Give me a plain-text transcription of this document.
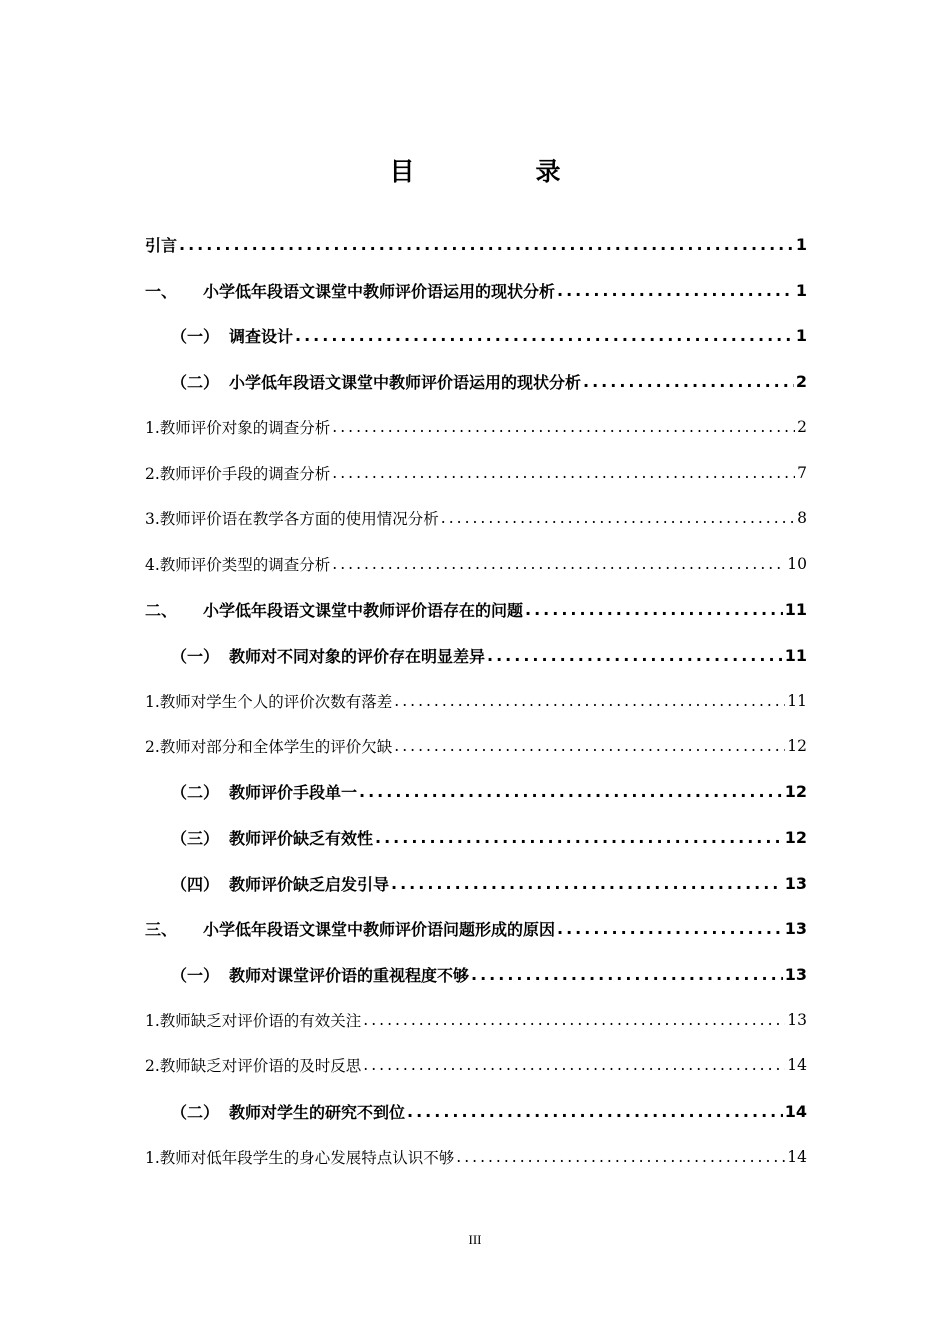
目　录
引言 .....	1
一、 小学低年段语文课堂中教师评价语运用的现状分析 .....	1
（一） 调查设计 .....	1
（二） 小学低年段语文课堂中教师评价语运用的现状分析 .....	2
1.教师评价对象的调查分析 .....	2
2.教师评价手段的调查分析 .....	7
3.教师评价语在教学各方面的使用情况分析 .....	8
4.教师评价类型的调查分析 .....	10
二、 小学低年段语文课堂中教师评价语存在的问题 .....	11
（一） 教师对不同对象的评价存在明显差异 .....	11
1.教师对学生个人的评价次数有落差 .....	11
2.教师对部分和全体学生的评价欠缺 .....	12
（二） 教师评价手段单一 .....	12
（三） 教师评价缺乏有效性 .....	12
（四） 教师评价缺乏启发引导 .....	13
三、 小学低年段语文课堂中教师评价语问题形成的原因 .....	13
（一） 教师对课堂评价语的重视程度不够 .....	13
1.教师缺乏对评价语的有效关注 .....	13
2.教师缺乏对评价语的及时反思 .....	14
（二） 教师对学生的研究不到位 .....	14
1.教师对低年段学生的身心发展特点认识不够 .....	14
III
